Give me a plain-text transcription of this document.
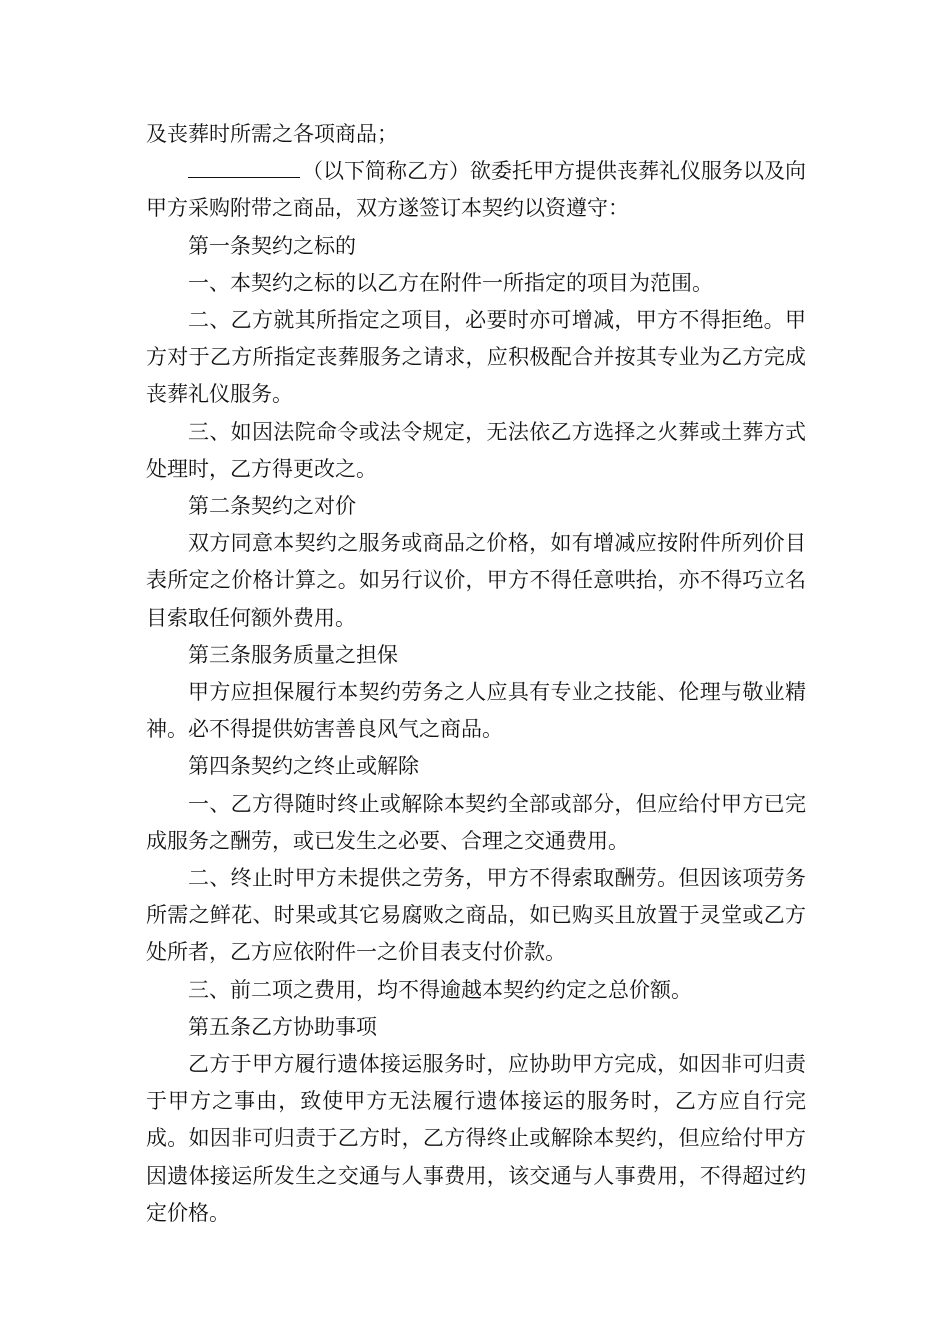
及丧葬时所需之各项商品；

（以下简称乙方）欲委托甲方提供丧葬礼仪服务以及向甲方采购附带之商品，双方遂签订本契约以资遵守：

第一条契约之标的

一、本契约之标的以乙方在附件一所指定的项目为范围。

二、乙方就其所指定之项目，必要时亦可增减，甲方不得拒绝。甲方对于乙方所指定丧葬服务之请求，应积极配合并按其专业为乙方完成丧葬礼仪服务。

三、如因法院命令或法令规定，无法依乙方选择之火葬或土葬方式处理时，乙方得更改之。

第二条契约之对价

双方同意本契约之服务或商品之价格，如有增减应按附件所列价目表所定之价格计算之。如另行议价，甲方不得任意哄抬，亦不得巧立名目索取任何额外费用。

第三条服务质量之担保

甲方应担保履行本契约劳务之人应具有专业之技能、伦理与敬业精神。必不得提供妨害善良风气之商品。

第四条契约之终止或解除

一、乙方得随时终止或解除本契约全部或部分，但应给付甲方已完成服务之酬劳，或已发生之必要、合理之交通费用。

二、终止时甲方未提供之劳务，甲方不得索取酬劳。但因该项劳务所需之鲜花、时果或其它易腐败之商品，如已购买且放置于灵堂或乙方处所者，乙方应依附件一之价目表支付价款。

三、前二项之费用，均不得逾越本契约约定之总价额。

第五条乙方协助事项

乙方于甲方履行遗体接运服务时，应协助甲方完成，如因非可归责于甲方之事由，致使甲方无法履行遗体接运的服务时，乙方应自行完成。如因非可归责于乙方时，乙方得终止或解除本契约，但应给付甲方因遗体接运所发生之交通与人事费用，该交通与人事费用，不得超过约定价格。
